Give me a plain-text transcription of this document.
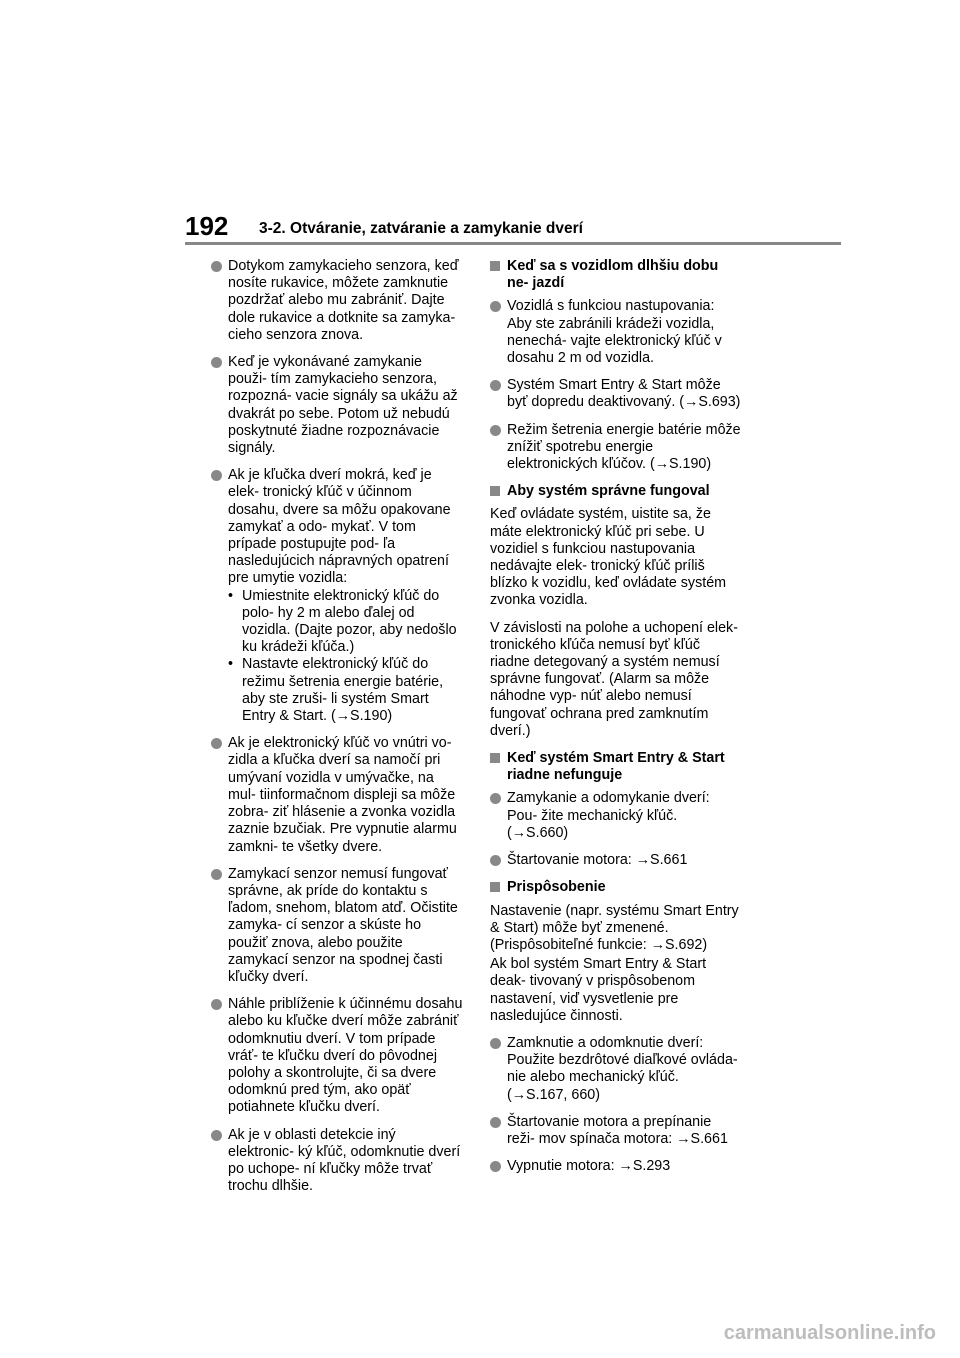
192 3-2. Otváranie, zatváranie a zamykanie dverí
Dotykom zamykacieho senzora, keď nosíte rukavice, môžete zamknutie pozdržať alebo mu zabrániť. Dajte dole rukavice a dotknite sa zamyka- cieho senzora znova.
Keď je vykonávané zamykanie použi- tím zamykacieho senzora, rozpozná- vacie signály sa ukážu až dvakrát po sebe. Potom už nebudú poskytnuté žiadne rozpoznávacie signály.
Ak je kľučka dverí mokrá, keď je elek- tronický kľúč v účinnom dosahu, dvere sa môžu opakovane zamykať a odo- mykať. V tom prípade postupujte pod- ľa nasledujúcich nápravných opatrení pre umytie vozidla:
• Umiestnite elektronický kľúč do polo- hy 2 m alebo ďalej od vozidla. (Dajte pozor, aby nedošlo ku krádeži kľúča.)
• Nastavte elektronický kľúč do režimu šetrenia energie batérie, aby ste zruši- li systém Smart Entry & Start. (→S.190)
Ak je elektronický kľúč vo vnútri vo- zidla a kľučka dverí sa namočí pri umývaní vozidla v umývačke, na mul- tiinformačnom displeji sa môže zobra- ziť hlásenie a zvonka vozidla zaznie bzučiak. Pre vypnutie alarmu zamkni- te všetky dvere.
Zamykací senzor nemusí fungovať správne, ak príde do kontaktu s ľadom, snehom, blatom atď. Očistite zamyka- cí senzor a skúste ho použiť znova, alebo použite zamykací senzor na spodnej časti kľučky dverí.
Náhle priblíženie k účinnému dosahu alebo ku kľučke dverí môže zabrániť odomknutiu dverí. V tom prípade vráť- te kľučku dverí do pôvodnej polohy a skontrolujte, či sa dvere odomknú pred tým, ako opäť potiahnete kľučku dverí.
Ak je v oblasti detekcie iný elektronic- ký kľúč, odomknutie dverí po uchope- ní kľučky môže trvať trochu dlhšie.
Keď sa s vozidlom dlhšiu dobu ne- jazdí
Vozidlá s funkciou nastupovania: Aby ste zabránili krádeži vozidla, nenechá- vajte elektronický kľúč v dosahu 2 m od vozidla.
Systém Smart Entry & Start môže byť dopredu deaktivovaný. (→S.693)
Režim šetrenia energie batérie môže znížiť spotrebu energie elektronických kľúčov. (→S.190)
Aby systém správne fungoval
Keď ovládate systém, uistite sa, že máte elektronický kľúč pri sebe. U vozidiel s funkciou nastupovania nedávajte elek- tronický kľúč príliš blízko k vozidlu, keď ovládate systém zvonka vozidla.
V závislosti na polohe a uchopení elek- tronického kľúča nemusí byť kľúč riadne detegovaný a systém nemusí správne fungovať. (Alarm sa môže náhodne vyp- núť alebo nemusí fungovať ochrana pred zamknutím dverí.)
Keď systém Smart Entry & Start riadne nefunguje
Zamykanie a odomykanie dverí: Pou- žite mechanický kľúč. (→S.660)
Štartovanie motora: →S.661
Prispôsobenie
Nastavenie (napr. systému Smart Entry & Start) môže byť zmenené. (Prispôsobiteľné funkcie: →S.692)
Ak bol systém Smart Entry & Start deak- tivovaný v prispôsobenom nastavení, viď vysvetlenie pre nasledujúce činnosti.
Zamknutie a odomknutie dverí: Použite bezdrôtové diaľkové ovláda- nie alebo mechanický kľúč. (→S.167, 660)
Štartovanie motora a prepínanie reži- mov spínača motora: →S.661
Vypnutie motora: →S.293
carmanualsonline.info
